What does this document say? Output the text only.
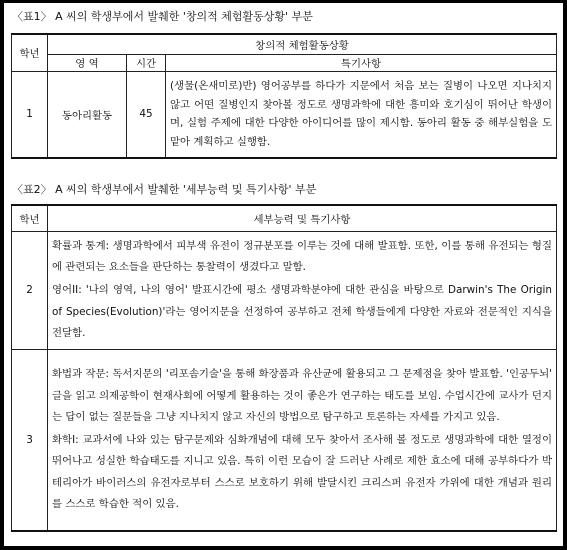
〈표1〉 A 씨의 학생부에서 발췌한 '창의적 체험활동상황' 부분
학년	창의적 체험활동상황		
	영 역	시간	특기사항
1	동아리활동	45	(생물(온새미로)반) 영어공부를 하다가 지문에서 처음 보는 질병이 나오면 지나치지 않고 어떤 질병인지 찾아볼 정도로 생명과학에 대한 흥미와 호기심이 뛰어난 학생이며, 실험 주제에 대한 다양한 아이디어를 많이 제시함. 동아리 활동 중 해부실험을 도맡아 계획하고 실행함.
〈표2〉 A 씨의 학생부에서 발췌한 '세부능력 및 특기사항' 부분
학년	세부능력 및 특기사항
2	확률과 통계: 생명과학에서 피부색 유전이 정규분포를 이루는 것에 대해 발표함. 또한, 이를 통해 유전되는 형질에 관련되는 요소들을 판단하는 통찰력이 생겼다고 말함.
영어II: '나의 영역, 나의 영어' 발표시간에 평소 생명과학분야에 대한 관심을 바탕으로 Darwin's The Origin of Species(Evolution)'라는 영어지문을 선정하여 공부하고 전체 학생들에게 다양한 자료와 전문적인 지식을 전달함.

3	화법과 작문: 독서지문의 '리포솜기술'을 통해 화장품과 유산균에 활용되고 그 문제점을 찾아 발표함. '인공두뇌' 글을 읽고 의제공학이 현재사회에 어떻게 활용하는 것이 좋은가 연구하는 태도를 보임. 수업시간에 교사가 던지는 답이 없는 질문들을 그냥 지나치지 않고 자신의 방법으로 탐구하고 토론하는 자세를 가지고 있음.
화학I: 교과서에 나와 있는 탐구문제와 심화개념에 대해 모두 찾아서 조사해 볼 정도로 생명과학에 대한 열정이 뛰어나고 성실한 학습태도를 지니고 있음. 특히 이런 모습이 잘 드러난 사례로 제한 효소에 대해 공부하다가 박테리아가 바이러스의 유전자로부터 스스로 보호하기 위해 발달시킨 크리스퍼 유전자 가위에 대한 개념과 원리를 스스로 학습한 적이 있음.
